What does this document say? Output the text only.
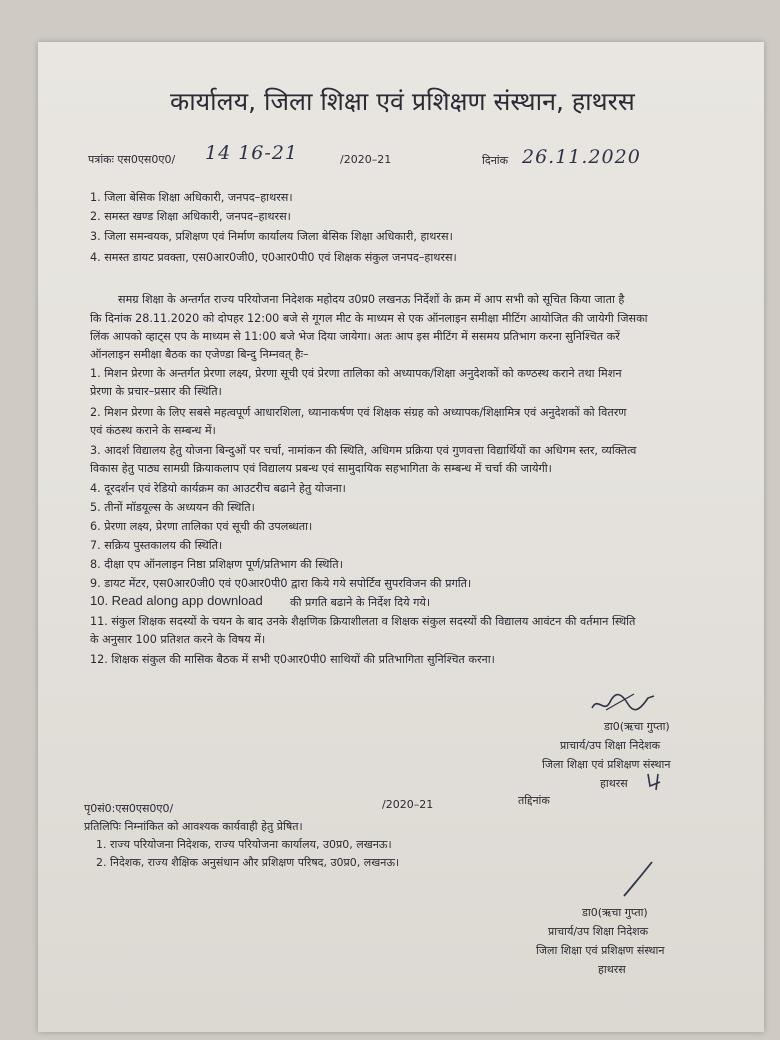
कार्यालय, जिला शिक्षा एवं प्रशिक्षण संस्थान, हाथरस
पत्रांकः एस0एस0ए0/ 14 16-21	/2020–21	दिनांक 26.11.2020
1. जिला बेसिक शिक्षा अधिकारी, जनपद–हाथरस।
2. समस्त खण्ड शिक्षा अधिकारी, जनपद–हाथरस।
3. जिला समन्वयक, प्रशिक्षण एवं निर्माण कार्यालय जिला बेसिक शिक्षा अधिकारी, हाथरस।
4. समस्त डायट प्रवक्ता, एस0आर0जी0, ए0आर0पी0 एवं शिक्षक संकुल जनपद–हाथरस।
समग्र शिक्षा के अन्तर्गत राज्य परियोजना निदेशक महोदय उ0प्र0 लखनऊ निर्देशों के क्रम में आप सभी को सूचित किया जाता है
कि दिनांक 28.11.2020 को दोपहर 12:00 बजे से गूगल मीट के माध्यम से एक ऑनलाइन समीक्षा मीटिंग आयोजित की जायेगी जिसका
लिंक आपको व्हाट्स एप के माध्यम से 11:00 बजे भेज दिया जायेगा। अतः आप इस मीटिंग में ससमय प्रतिभाग करना सुनिश्चित करें
ऑनलाइन समीक्षा बैठक का एजेण्डा बिन्दु निम्नवत् हैः–
1. मिशन प्रेरणा के अन्तर्गत प्रेरणा लक्ष्य, प्रेरणा सूची एवं प्रेरणा तालिका को अध्यापक/शिक्षा अनुदेशकों को कण्ठस्थ कराने तथा मिशन
प्रेरणा के प्रचार–प्रसार की स्थिति।
2. मिशन प्रेरणा के लिए सबसे महत्वपूर्ण आधारशिला, ध्यानाकर्षण एवं शिक्षक संग्रह को अध्यापक/शिक्षामित्र एवं अनुदेशकों को वितरण
एवं कंठस्थ कराने के सम्बन्ध में।
3. आदर्श विद्यालय हेतु योजना बिन्दुओं पर चर्चा, नामांकन की स्थिति, अधिगम प्रक्रिया एवं गुणवत्ता विद्यार्थियों का अधिगम स्तर, व्यक्तित्व
विकास हेतु पाठ्य सामग्री क्रियाकलाप एवं विद्यालय प्रबन्ध एवं सामुदायिक सहभागिता के सम्बन्ध में चर्चा की जायेगी।
4. दूरदर्शन एवं रेडियो कार्यक्रम का आउटरीच बढाने हेतु योजना।
5. तीनों मॉडयूल्स के अध्ययन की स्थिति।
6. प्रेरणा लक्ष्य, प्रेरणा तालिका एवं सूची की उपलब्धता।
7. सक्रिय पुस्तकालय की स्थिति।
8. दीक्षा एप ऑनलाइन निष्ठा प्रशिक्षण पूर्ण/प्रतिभाग की स्थिति।
9. डायट मेंटर, एस0आर0जी0 एवं ए0आर0पी0 द्वारा किये गये सपोर्टिव सुपरविजन की प्रगति।
10. Read along app download की प्रगति बढाने के निर्देश दिये गये।
11. संकुल शिक्षक सदस्यों के चयन के बाद उनके शैक्षणिक क्रियाशीलता व शिक्षक संकुल सदस्यों की विद्यालय आवंटन की वर्तमान स्थिति
के अनुसार 100 प्रतिशत करने के विषय में।
12. शिक्षक संकुल की मासिक बैठक में सभी ए0आर0पी0 साथियों की प्रतिभागिता सुनिश्चित करना।
डा0(ऋचा गुप्ता)
प्राचार्य/उप शिक्षा निदेशक
जिला शिक्षा एवं प्रशिक्षण संस्थान
हाथरस
पृ0सं0:एस0एस0ए0/	/2020–21	तद्दिनांक
प्रतिलिपिः निम्नांकित को आवश्यक कार्यवाही हेतु प्रेषित।
1. राज्य परियोजना निदेशक, राज्य परियोजना कार्यालय, उ0प्र0, लखनऊ।
2. निदेशक, राज्य शैक्षिक अनुसंधान और प्रशिक्षण परिषद, उ0प्र0, लखनऊ।
डा0(ऋचा गुप्ता)
प्राचार्य/उप शिक्षा निदेशक
जिला शिक्षा एवं प्रशिक्षण संस्थान
हाथरस
